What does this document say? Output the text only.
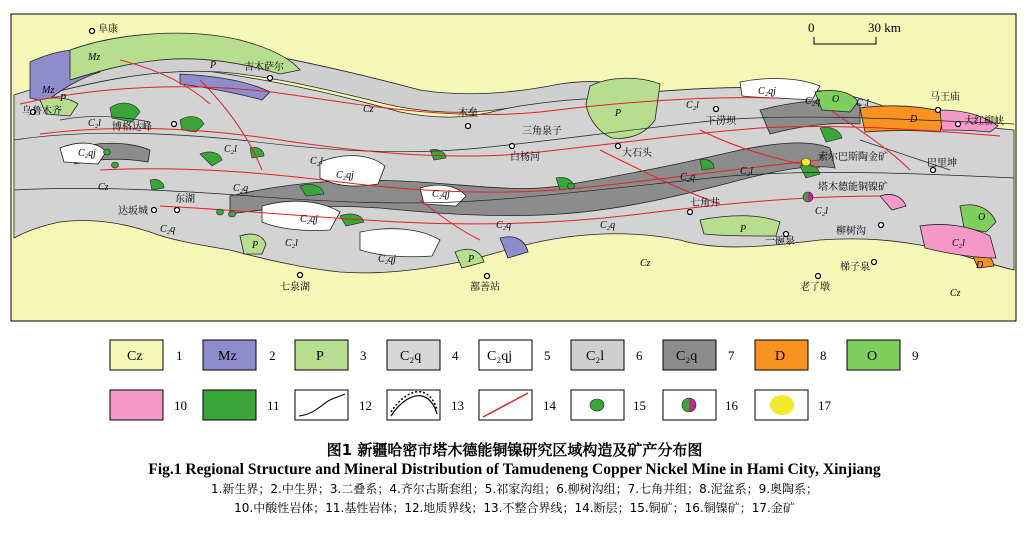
Mz
Mz
P
P
P
P
P
P
Cz
Cz
Cz
Cz
C₂l
C₂l
C₂l
C₂l	C₂l
C₂l
C₂l
C₂l	C₂l
C₂q
C₂q
C₂q	C₂q
C₂q
C₂q
C₂qj
C₂qj
C₂qj
C₂qj
C₂qj
C₂qj
D
D
O
O
阜康
吉木萨尔
乌鲁木齐
博格达峰
木垒
三角泉子
白杨河
下涝坝
大石头
马王庙
大红柳峡
索尔巴斯陶金矿
塔木德能铜镍矿
巴里坤
东湖
达坂城
七角井
一碗泉
柳树沟
梯子泉
老了墩
七泉湖	鄯善站
0	30 km
Cz	1	Mz 2	P	3 C₂q 4 C₂qj 5	C₂l 6 C₂q 7	D	8	O	9
10	11	12	13	14	15	16	17

图1 新疆哈密市塔木德能铜镍研究区域构造及矿产分布图

Fig.1 Regional Structure and Mineral Distribution of Tamudeneng Copper Nickel Mine in Hami City, Xinjiang

1.新生界；2.中生界；3.二叠系；4.齐尔古斯套组；5.祁家沟组；6.柳树沟组；7.七角井组；8.泥盆系；9.奥陶系；

10.中酸性岩体；11.基性岩体；12.地质界线；13.不整合界线；14.断层；15.铜矿；16.铜镍矿；17.金矿
